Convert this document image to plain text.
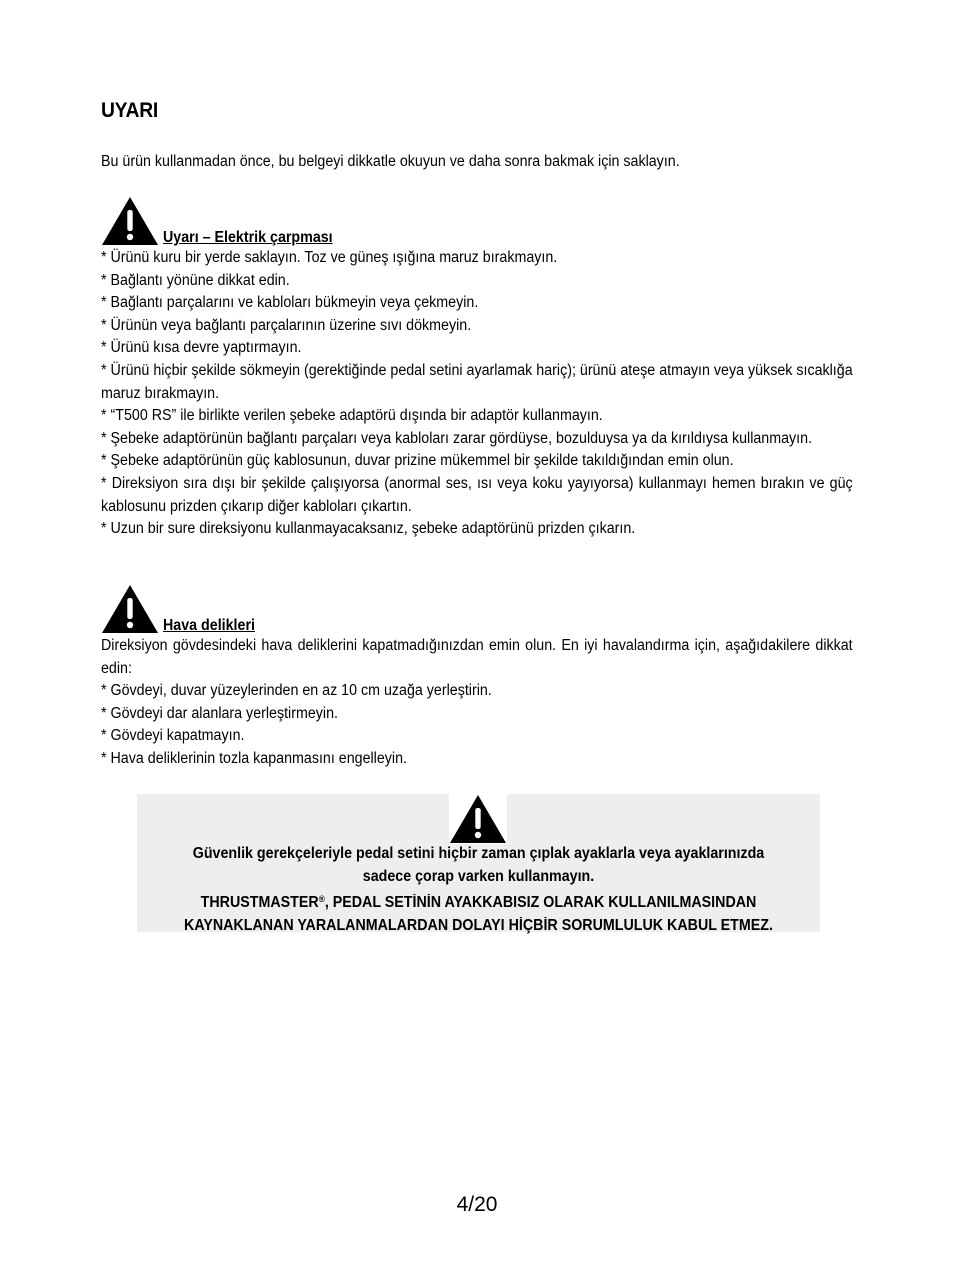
UYARI
Bu ürün kullanmadan önce, bu belgeyi dikkatle okuyun ve daha sonra bakmak için saklayın.
Uyarı – Elektrik çarpması
* Ürünü kuru bir yerde saklayın. Toz ve güneş ışığına maruz bırakmayın.
* Bağlantı yönüne dikkat edin.
* Bağlantı parçalarını ve kabloları bükmeyin veya çekmeyin.
* Ürünün veya bağlantı parçalarının üzerine sıvı dökmeyin.
* Ürünü kısa devre yaptırmayın.
* Ürünü hiçbir şekilde sökmeyin (gerektiğinde pedal setini ayarlamak hariç); ürünü ateşe atmayın veya yüksek sıcaklığa maruz bırakmayın.
* “T500 RS” ile birlikte verilen şebeke adaptörü dışında bir adaptör kullanmayın.
* Şebeke adaptörünün bağlantı parçaları veya kabloları zarar gördüyse, bozulduysa ya da kırıldıysa kullanmayın.
* Şebeke adaptörünün güç kablosunun, duvar prizine mükemmel bir şekilde takıldığından emin olun.
* Direksiyon sıra dışı bir şekilde çalışıyorsa (anormal ses, ısı veya koku yayıyorsa) kullanmayı hemen bırakın ve güç kablosunu prizden çıkarıp diğer kabloları çıkartın.
* Uzun bir sure direksiyonu kullanmayacaksanız, şebeke adaptörünü prizden çıkarın.
Hava delikleri
Direksiyon gövdesindeki hava deliklerini kapatmadığınızdan emin olun. En iyi havalandırma için, aşağıdakilere dikkat edin:
* Gövdeyi, duvar yüzeylerinden en az 10 cm uzağa yerleştirin.
* Gövdeyi dar alanlara yerleştirmeyin.
* Gövdeyi kapatmayın.
* Hava deliklerinin tozla kapanmasını engelleyin.
Güvenlik gerekçeleriyle pedal setini hiçbir zaman çıplak ayaklarla veya ayaklarınızda
sadece çorap varken kullanmayın.
THRUSTMASTER®, PEDAL SETİNİN AYAKKABISIZ OLARAK KULLANILMASINDAN
KAYNAKLANAN YARALANMALARDAN DOLAYI HİÇBİR SORUMLULUK KABUL ETMEZ.
4/20
